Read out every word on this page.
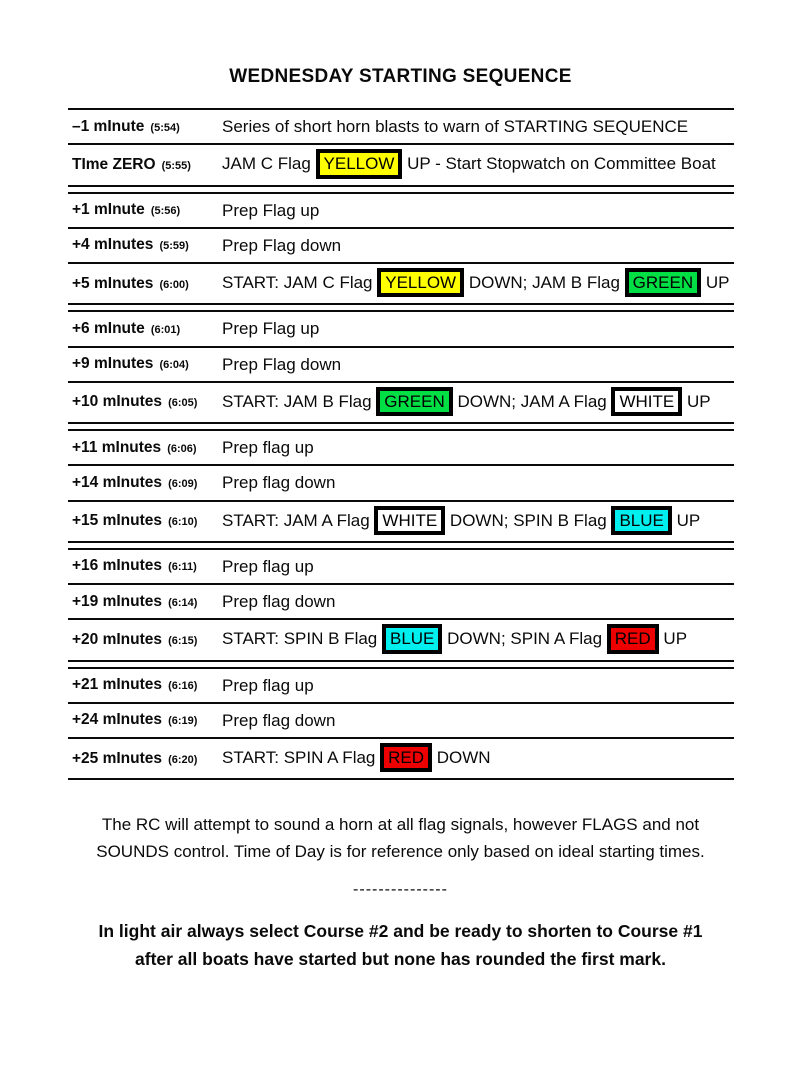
WEDNESDAY STARTING SEQUENCE
–1 mInute (5:54)	Series of short horn blasts to warn of STARTING SEQUENCE
TIme ZERO (5:55)	JAM C Flag YELLOW UP - Start Stopwatch on Committee Boat
+1 mInute (5:56)	Prep Flag up
+4 mInutes (5:59)	Prep Flag down
+5 mInutes (6:00)	START: JAM C Flag YELLOW DOWN; JAM B Flag GREEN UP
+6 mInute (6:01)	Prep Flag up
+9 mInutes (6:04)	Prep Flag down
+10 mInutes (6:05)	START: JAM B Flag GREEN DOWN; JAM A Flag WHITE UP
+11 mInutes (6:06)	Prep flag up
+14 mInutes (6:09)	Prep flag down
+15 mInutes (6:10)	START: JAM A Flag WHITE DOWN; SPIN B Flag BLUE UP
+16 mInutes (6:11)	Prep flag up
+19 mInutes (6:14)	Prep flag down
+20 mInutes (6:15)	START: SPIN B Flag BLUE DOWN; SPIN A Flag RED UP
+21 mInutes (6:16)	Prep flag up
+24 mInutes (6:19)	Prep flag down
+25 mInutes (6:20)	START: SPIN A Flag RED DOWN

The RC will attempt to sound a horn at all flag signals, however FLAGS and not
SOUNDS control. Time of Day is for reference only based on ideal starting times.

---------------

In light air always select Course #2 and be ready to shorten to Course #1
after all boats have started but none has rounded the first mark.
